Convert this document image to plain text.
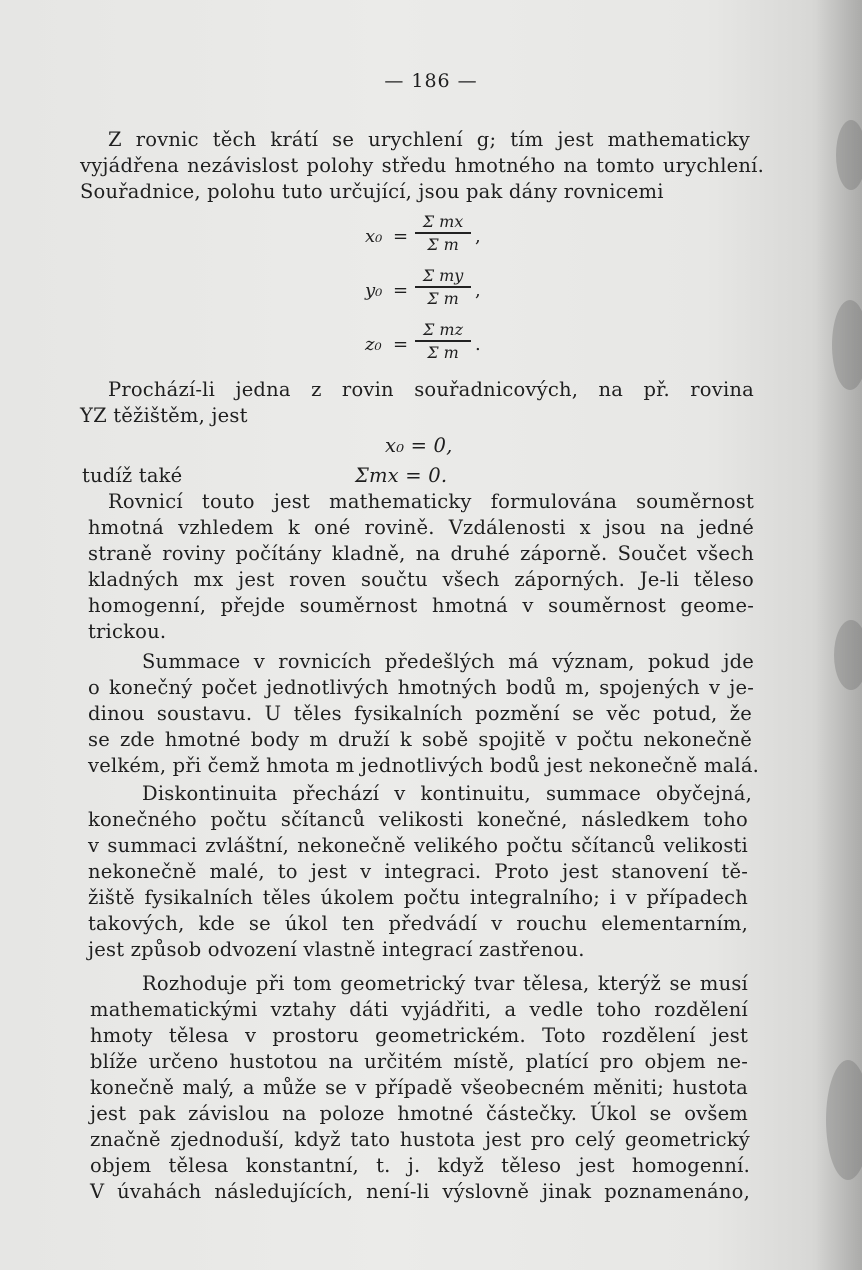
— 186 —
Z rovnic těch krátí se urychlení g; tím jest mathematicky
vyjádřena nezávislost polohy středu hmotného na tomto urychlení.
Souřadnice, polohu tuto určující, jsou pak dány rovnicemi
x₀ =
Σ mx
Σ m ,
y₀ =
Σ my
Σ m ,
z₀ =
Σ mz
Σ m .
Prochází-li jedna z rovin souřadnicových, na př. rovina
YZ těžištěm, jest
x₀ = 0,
tudíž také	Σmx = 0.
Rovnicí touto jest mathematicky formulována souměrnost
hmotná vzhledem k oné rovině. Vzdálenosti x jsou na jedné
straně roviny počítány kladně, na druhé záporně. Součet všech
kladných mx jest roven součtu všech záporných. Je-li těleso
homogenní, přejde souměrnost hmotná v souměrnost geome-
trickou.
Summace v rovnicích předešlých má význam, pokud jde
o konečný počet jednotlivých hmotných bodů m, spojených v je-
dinou soustavu. U těles fysikalních pozmění se věc potud, že
se zde hmotné body m druží k sobě spojitě v počtu nekonečně
velkém, při čemž hmota m jednotlivých bodů jest nekonečně malá.
Diskontinuita přechází v kontinuitu, summace obyčejná,
konečného počtu sčítanců velikosti konečné, následkem toho
v summaci zvláštní, nekonečně velikého počtu sčítanců velikosti
nekonečně malé, to jest v integraci. Proto jest stanovení tě-
žiště fysikalních těles úkolem počtu integralního; i v případech
takových, kde se úkol ten předvádí v rouchu elementarním,
jest způsob odvození vlastně integrací zastřenou.
Rozhoduje při tom geometrický tvar tělesa, kterýž se musí
mathematickými vztahy dáti vyjádřiti, a vedle toho rozdělení
hmoty tělesa v prostoru geometrickém. Toto rozdělení jest
blíže určeno hustotou na určitém místě, platící pro objem ne-
konečně malý, a může se v případě všeobecném měniti; hustota
jest pak závislou na poloze hmotné částečky. Úkol se ovšem
značně zjednoduší, když tato hustota jest pro celý geometrický
objem tělesa konstantní, t. j. když těleso jest homogenní.
V úvahách následujících, není-li výslovně jinak poznamenáno,
